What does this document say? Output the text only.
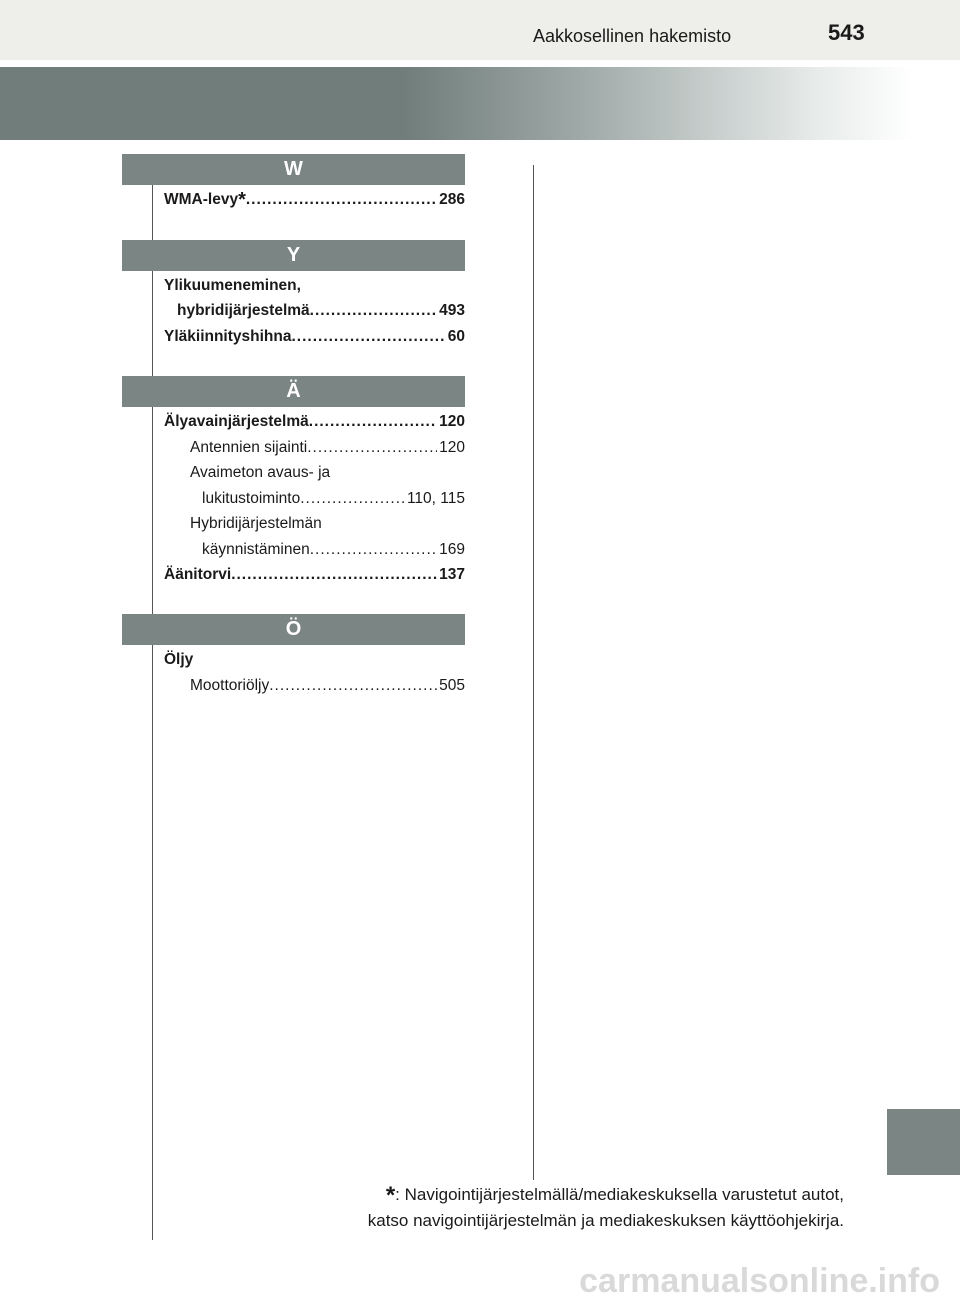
Aakkosellinen hakemisto	543
W
WMA-levy* .....	286
Y
Ylikuumeneminen,
hybridijärjestelmä .....	493
Yläkiinnityshihna .....	60
Ä
Älyavainjärjestelmä .....	120
Antennien sijainti .....	120
Avaimeton avaus- ja
lukitustoiminto .....	110, 115
Hybridijärjestelmän
käynnistäminen .....	169
Äänitorvi .....	137
Ö
Öljy
Moottoriöljy .....	505
*: Navigointijärjestelmällä/mediakeskuksella varustetut autot,
katso navigointijärjestelmän ja mediakeskuksen käyttöohjekirja.
carmanualsonline.info
